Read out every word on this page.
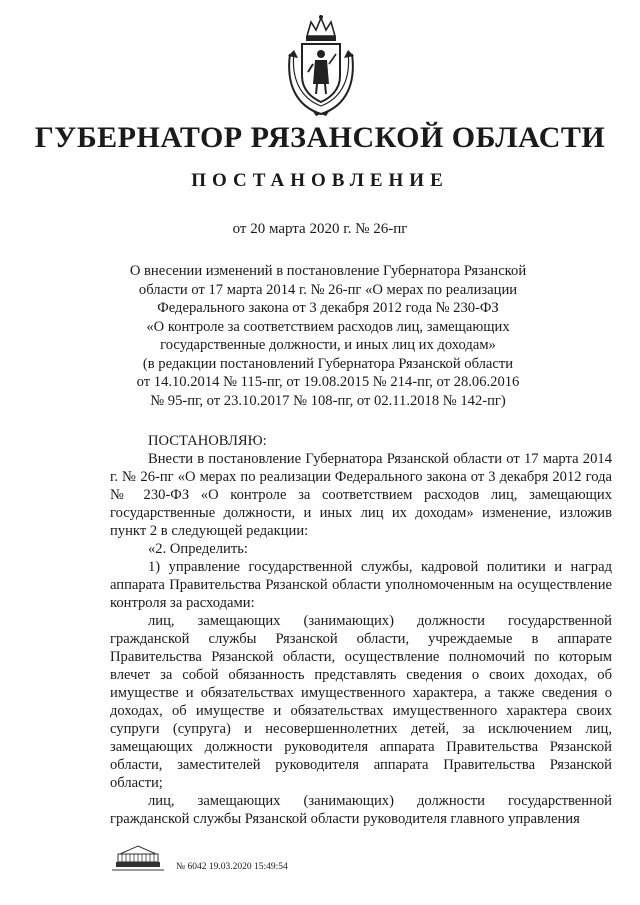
ГУБЕРНАТОР РЯЗАНСКОЙ ОБЛАСТИ
ПОСТАНОВЛЕНИЕ
от 20 марта 2020 г. № 26-пг
О внесении изменений в постановление Губернатора Рязанской
области от 17 марта 2014 г. № 26-пг «О мерах по реализации
Федерального закона от 3 декабря 2012 года № 230-ФЗ
«О контроле за соответствием расходов лиц, замещающих
государственные должности, и иных лиц их доходам»
(в редакции постановлений Губернатора Рязанской области
от 14.10.2014 № 115-пг, от 19.08.2015 № 214-пг, от 28.06.2016
№ 95-пг, от 23.10.2017 № 108-пг, от 02.11.2018 № 142-пг)

ПОСТАНОВЛЯЮ:

Внести в постановление Губернатора Рязанской области от 17 марта 2014 г. № 26-пг «О мерах по реализации Федерального закона от 3 декабря 2012 года № 230-ФЗ «О контроле за соответствием расходов лиц, замещающих государственные должности, и иных лиц их доходам» изменение, изложив пункт 2 в следующей редакции:

«2. Определить:

1) управление государственной службы, кадровой политики и наград аппарата Правительства Рязанской области уполномоченным на осуществление контроля за расходами:

лиц, замещающих (занимающих) должности государственной гражданской службы Рязанской области, учреждаемые в аппарате Правительства Рязанской области, осуществление полномочий по которым влечет за собой обязанность представлять сведения о своих доходах, об имуществе и обязательствах имущественного характера, а также сведения о доходах, об имуществе и обязательствах имущественного характера своих супруги (супруга) и несовершеннолетних детей, за исключением лиц, замещающих должности руководителя аппарата Правительства Рязанской области, заместителей руководителя аппарата Правительства Рязанской области;

лиц, замещающих (занимающих) должности государственной гражданской службы Рязанской области руководителя главного управления

№ 6042 19.03.2020 15:49:54
